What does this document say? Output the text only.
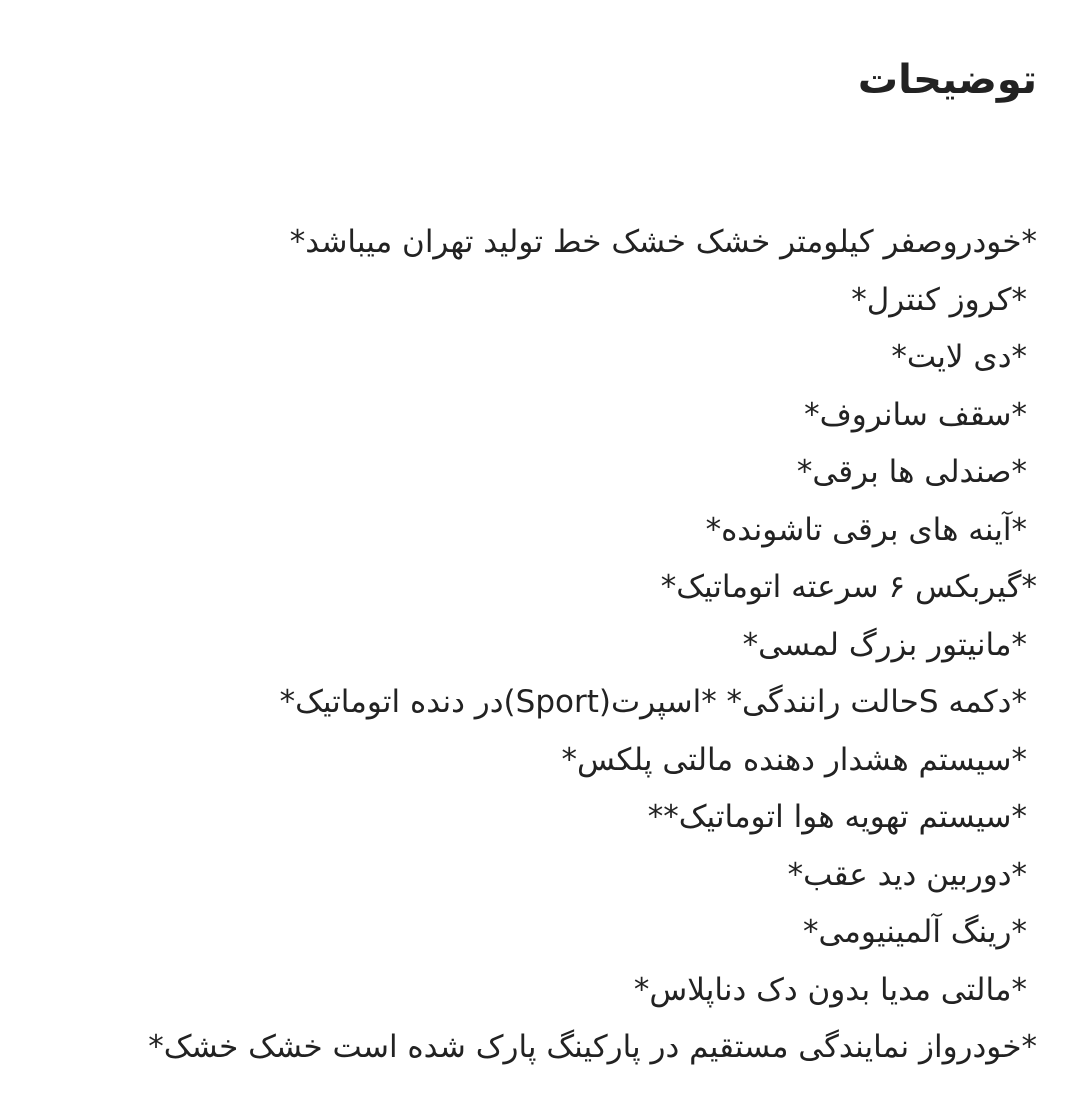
توضیحات
*خودروصفر کیلومتر خشک خشک خط تولید تهران میباشد*
*کروز کنترل*
*دی لایت*
*سقف سانروف*
*صندلی ها برقی*
*آینه های برقی تاشونده*
*گیربکس ۶ سرعته اتوماتیک*
*مانیتور بزرگ لمسی*
*دکمه Sحالت رانندگی* *اسپرت(Sport)در دنده اتوماتیک*
*سیستم هشدار دهنده مالتی پلکس*
*سیستم تهویه هوا اتوماتیک**
*دوربین دید عقب*
*رینگ آلمینیومی*
*مالتی مدیا بدون دک دناپلاس*
*خودرواز نمایندگی مستقیم در پارکینگ پارک شده است خشک خشک*
